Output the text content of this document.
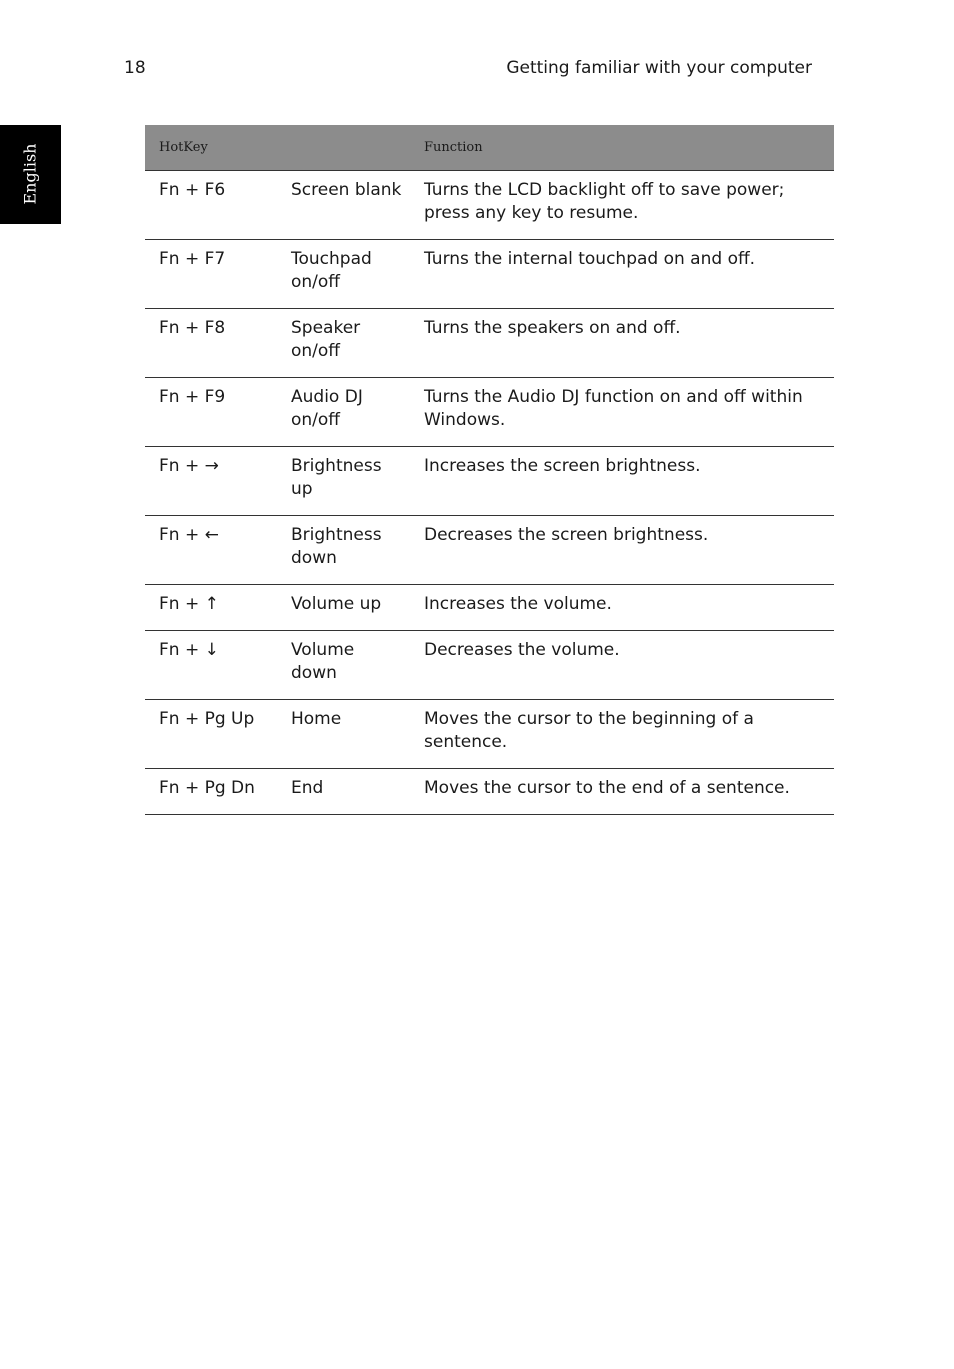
18	Getting familiar with your computer
English	HotKey		Function
Fn + F6	Screen blank	Turns the LCD backlight off to save power; press any key to resume.
Fn + F7	Touchpad on/off	Turns the internal touchpad on and off.
Fn + F8	Speaker on/off	Turns the speakers on and off.
Fn + F9	Audio DJ on/off	Turns the Audio DJ function on and off within Windows.
Fn + →	Brightness up	Increases the screen brightness.
Fn + ←	Brightness down	Decreases the screen brightness.
Fn + ↑	Volume up	Increases the volume.
Fn + ↓	Volume down	Decreases the volume.
Fn + Pg Up	Home	Moves the cursor to the beginning of a sentence.
Fn + Pg Dn	End	Moves the cursor to the end of a sentence.
